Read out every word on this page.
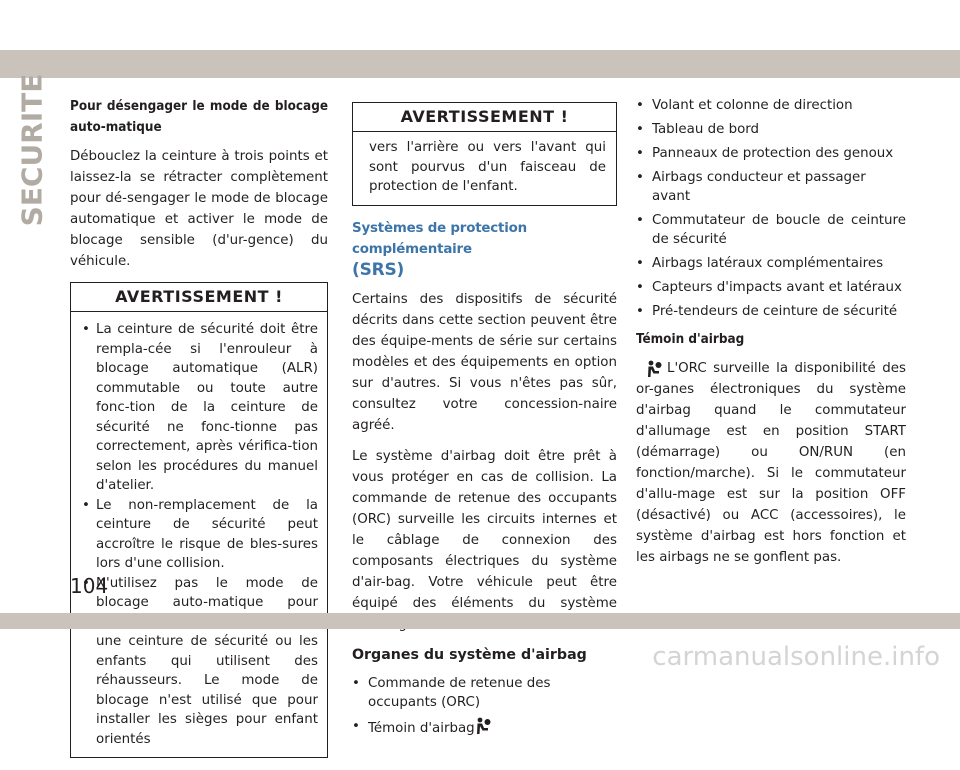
SECURITE Pour désengager le mode de blocage auto-matique
Débouclez la ceinture à trois points et laissez-la se rétracter complètement pour dé-sengager le mode de blocage automatique et activer le mode de blocage sensible (d'ur-gence) du véhicule.
AVERTISSEMENT !
• La ceinture de sécurité doit être rempla-cée si l'enrouleur à blocage automatique (ALR) commutable ou toute autre fonc-tion de la ceinture de sécurité ne fonc-tionne pas correctement, après vérifica-tion selon les procédures du manuel d'atelier.
• Le non-remplacement de la ceinture de sécurité peut accroître le risque de bles-sures lors d'une collision.
• N'utilisez pas le mode de blocage auto-matique pour une ceinture de sécurité ou les enfants qui utilisent des réhausseurs. Le mode de blocage n'est utilisé que pour installer les sièges pour enfant orientés
AVERTISSEMENT !
vers l'arrière ou vers l'avant qui sont pourvus d'un faisceau de protection de l'enfant.
Systèmes de protection complémentaire
(SRS)
Certains des dispositifs de sécurité décrits dans cette section peuvent être des équipe-ments de série sur certains modèles et des équipements en option sur d'autres. Si vous n'êtes pas sûr, consultez votre concession-naire agréé.
Le système d'airbag doit être prêt à vous protéger en cas de collision. La commande de retenue des occupants (ORC) surveille les circuits internes et le câblage de connexion des composants électriques du système d'air-bag. Votre véhicule peut être équipé des éléments du système
Organes du système d'airbag
• Commande de retenue des occupants (ORC)
• Témoin d'airbag
• Volant et colonne de direction
• Tableau de bord
• Panneaux de protection des genoux
• Airbags conducteur et passager avant
• Commutateur de boucle de ceinture de sécurité
• Airbags latéraux complémentaires
• Capteurs d'impacts avant et latéraux
• Pré-tendeurs de ceinture de sécurité
Témoin d'airbag
L'ORC surveille la disponibilité des or-ganes électroniques du système d'airbag quand le commutateur d'allumage est en position START (démarrage) ou ON/RUN (en fonction/marche). Si le commutateur d'allu-mage est sur la position OFF (désactivé) ou ACC (accessoires), le système d'airbag est hors fonction et les airbags ne se gonflent pas.
104
carmanualsonline.info
